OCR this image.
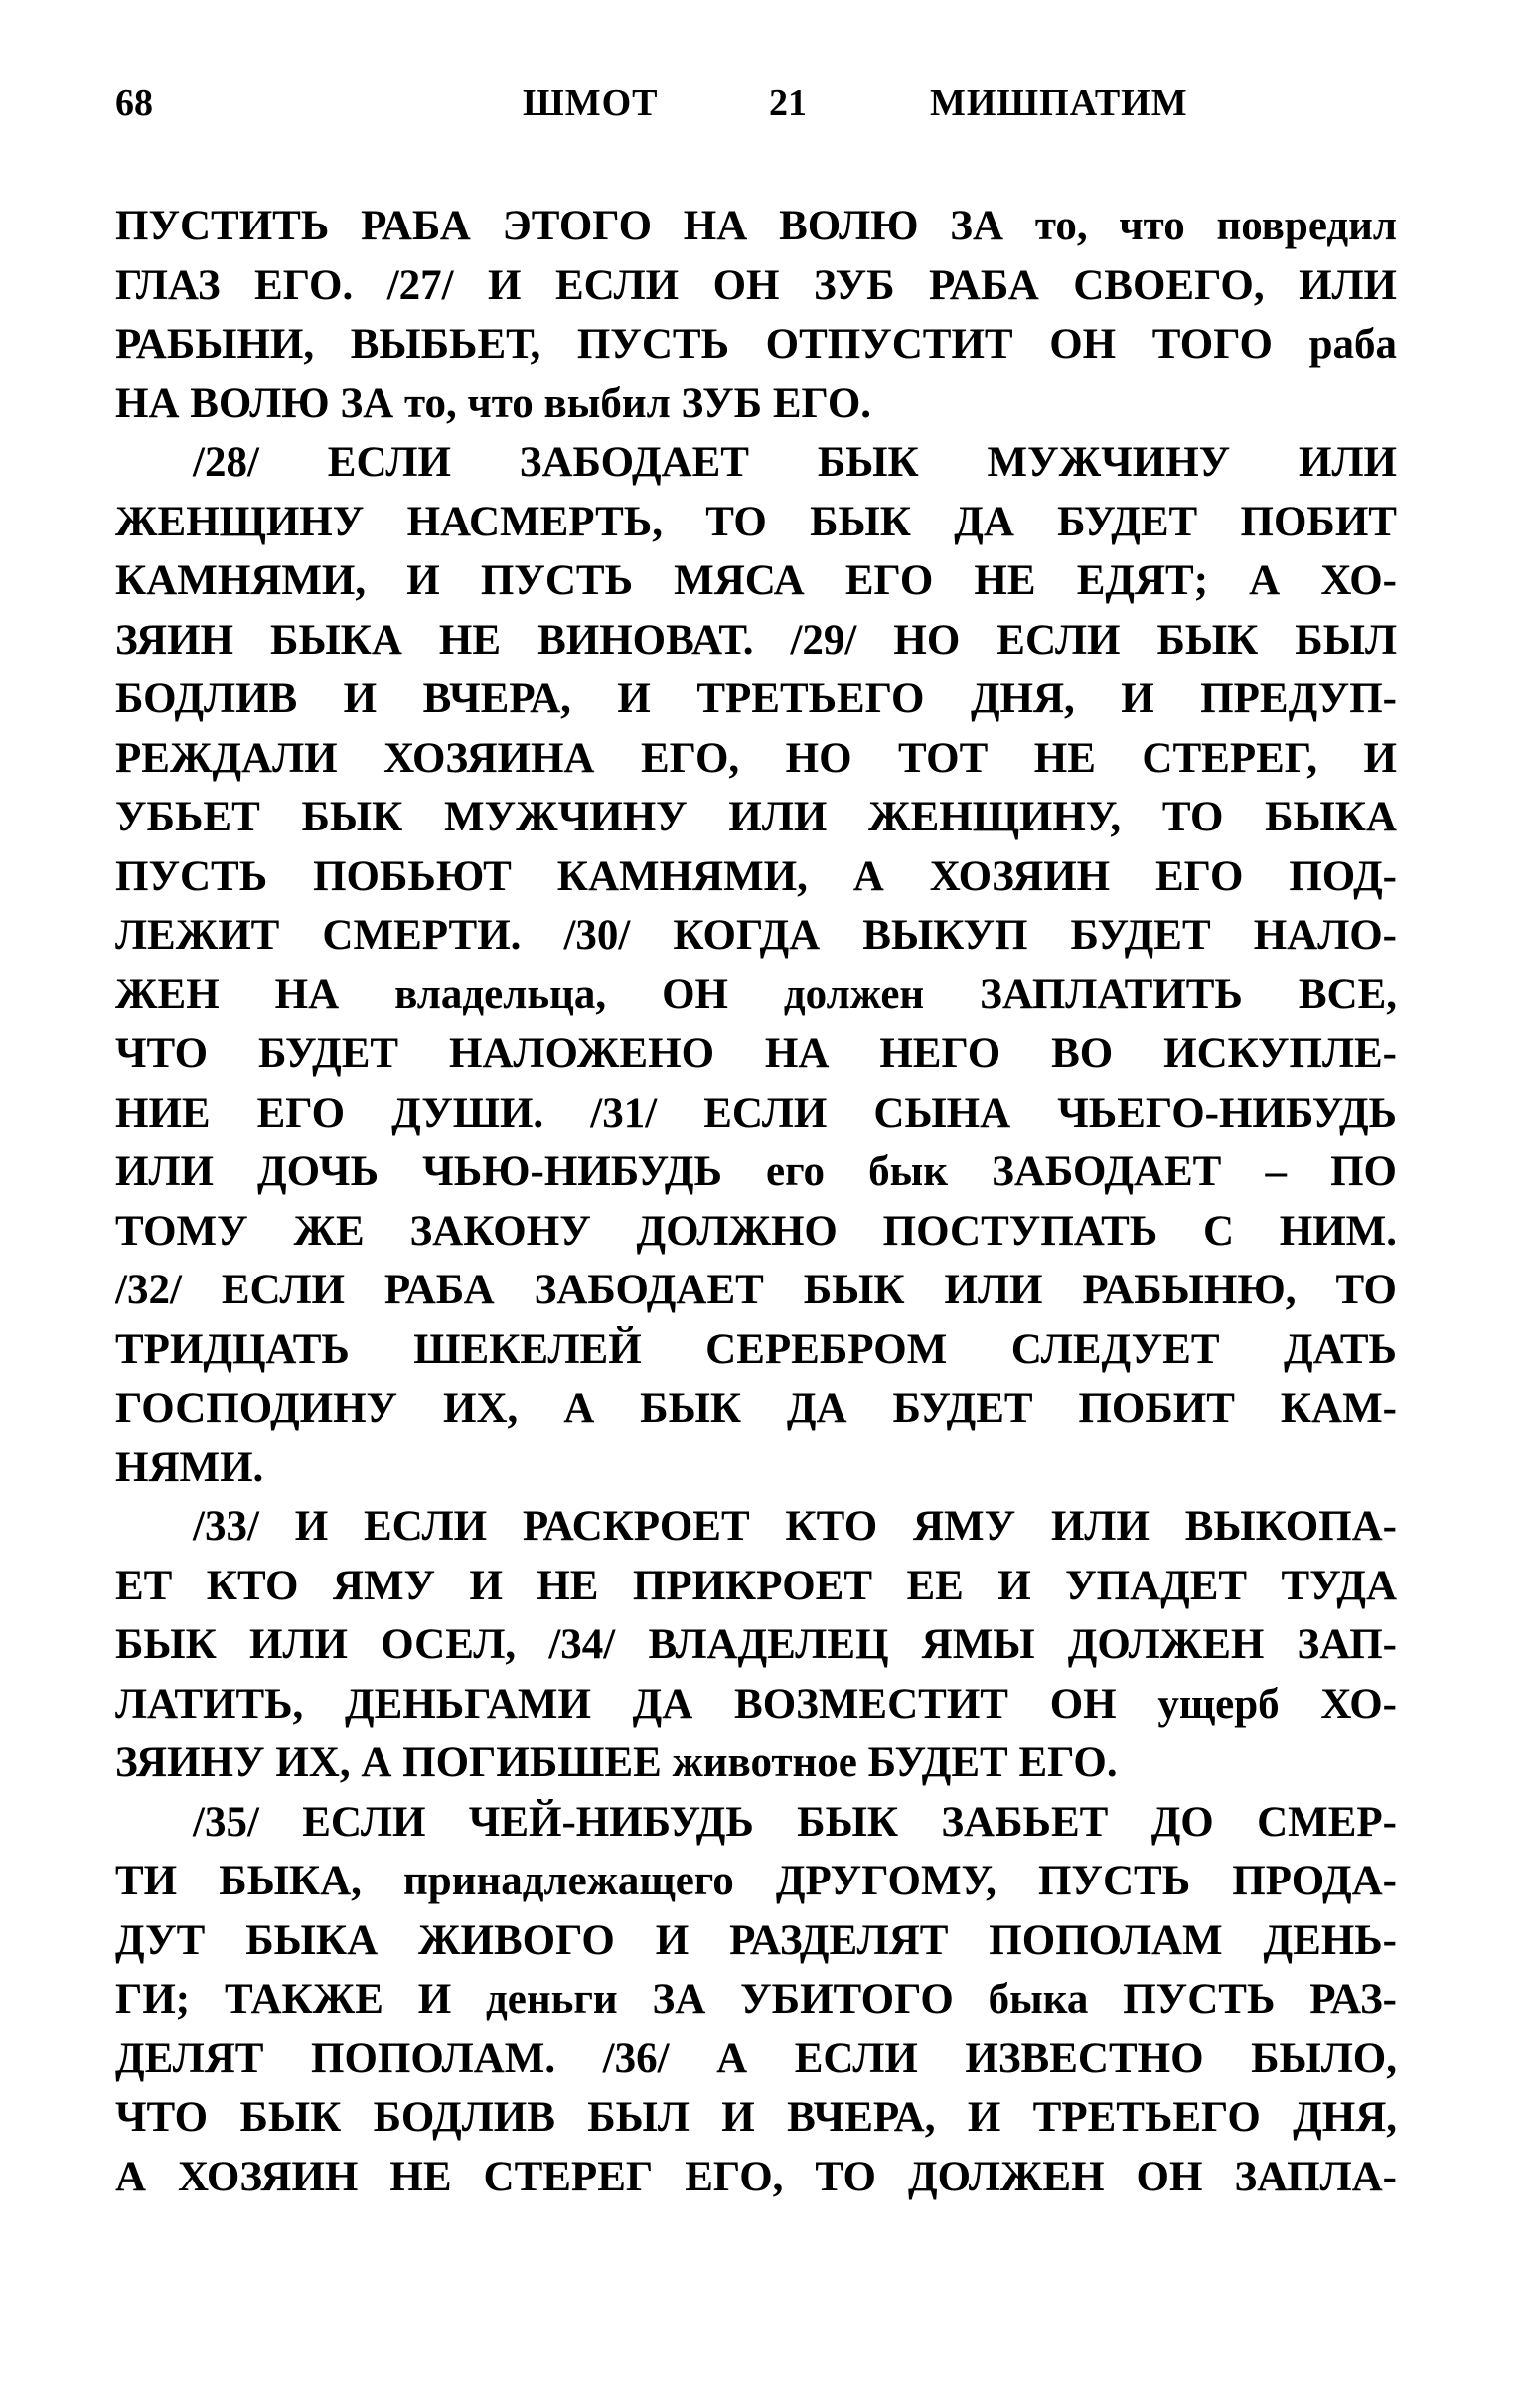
68	ШМОТ	21	МИШПАТИМ
ПУСТИТЬ РАБА ЭТОГО НА ВОЛЮ ЗА то, что повредил
ГЛАЗ ЕГО. /27/ И ЕСЛИ ОН ЗУБ РАБА СВОЕГО, ИЛИ
РАБЫНИ, ВЫБЬЕТ, ПУСТЬ ОТПУСТИТ ОН ТОГО раба
НА ВОЛЮ ЗА то, что выбил ЗУБ ЕГО.
/28/ ЕСЛИ ЗАБОДАЕТ БЫК МУЖЧИНУ ИЛИ
ЖЕНЩИНУ НАСМЕРТЬ, ТО БЫК ДА БУДЕТ ПОБИТ
КАМНЯМИ, И ПУСТЬ МЯСА ЕГО НЕ ЕДЯТ; А ХО-
ЗЯИН БЫКА НЕ ВИНОВАТ. /29/ НО ЕСЛИ БЫК БЫЛ
БОДЛИВ И ВЧЕРА, И ТРЕТЬЕГО ДНЯ, И ПРЕДУП-
РЕЖДАЛИ ХОЗЯИНА ЕГО, НО ТОТ НЕ СТЕРЕГ, И
УБЬЕТ БЫК МУЖЧИНУ ИЛИ ЖЕНЩИНУ, ТО БЫКА
ПУСТЬ ПОБЬЮТ КАМНЯМИ, А ХОЗЯИН ЕГО ПОД-
ЛЕЖИТ СМЕРТИ. /30/ КОГДА ВЫКУП БУДЕТ НАЛО-
ЖЕН НА владельца, ОН должен ЗАПЛАТИТЬ ВСЕ,
ЧТО БУДЕТ НАЛОЖЕНО НА НЕГО ВО ИСКУПЛЕ-
НИЕ ЕГО ДУШИ. /31/ ЕСЛИ СЫНА ЧЬЕГО-НИБУДЬ
ИЛИ ДОЧЬ ЧЬЮ-НИБУДЬ его бык ЗАБОДАЕТ – ПО
ТОМУ ЖЕ ЗАКОНУ ДОЛЖНО ПОСТУПАТЬ С НИМ.
/32/ ЕСЛИ РАБА ЗАБОДАЕТ БЫК ИЛИ РАБЫНЮ, ТО
ТРИДЦАТЬ ШЕКЕЛЕЙ СЕРЕБРОМ СЛЕДУЕТ ДАТЬ
ГОСПОДИНУ ИХ, А БЫК ДА БУДЕТ ПОБИТ КАМ-
НЯМИ.
/33/ И ЕСЛИ РАСКРОЕТ КТО ЯМУ ИЛИ ВЫКОПА-
ЕТ КТО ЯМУ И НЕ ПРИКРОЕТ ЕЕ И УПАДЕТ ТУДА
БЫК ИЛИ ОСЕЛ, /34/ ВЛАДЕЛЕЦ ЯМЫ ДОЛЖЕН ЗАП-
ЛАТИТЬ, ДЕНЬГАМИ ДА ВОЗМЕСТИТ ОН ущерб ХО-
ЗЯИНУ ИХ, А ПОГИБШЕЕ животное БУДЕТ ЕГО.
/35/ ЕСЛИ ЧЕЙ-НИБУДЬ БЫК ЗАБЬЕТ ДО СМЕР-
ТИ БЫКА, принадлежащего ДРУГОМУ, ПУСТЬ ПРОДА-
ДУТ БЫКА ЖИВОГО И РАЗДЕЛЯТ ПОПОЛАМ ДЕНЬ-
ГИ; ТАКЖЕ И деньги ЗА УБИТОГО быка ПУСТЬ РАЗ-
ДЕЛЯТ ПОПОЛАМ. /36/ А ЕСЛИ ИЗВЕСТНО БЫЛО,
ЧТО БЫК БОДЛИВ БЫЛ И ВЧЕРА, И ТРЕТЬЕГО ДНЯ,
А ХОЗЯИН НЕ СТЕРЕГ ЕГО, ТО ДОЛЖЕН ОН ЗАПЛА-
